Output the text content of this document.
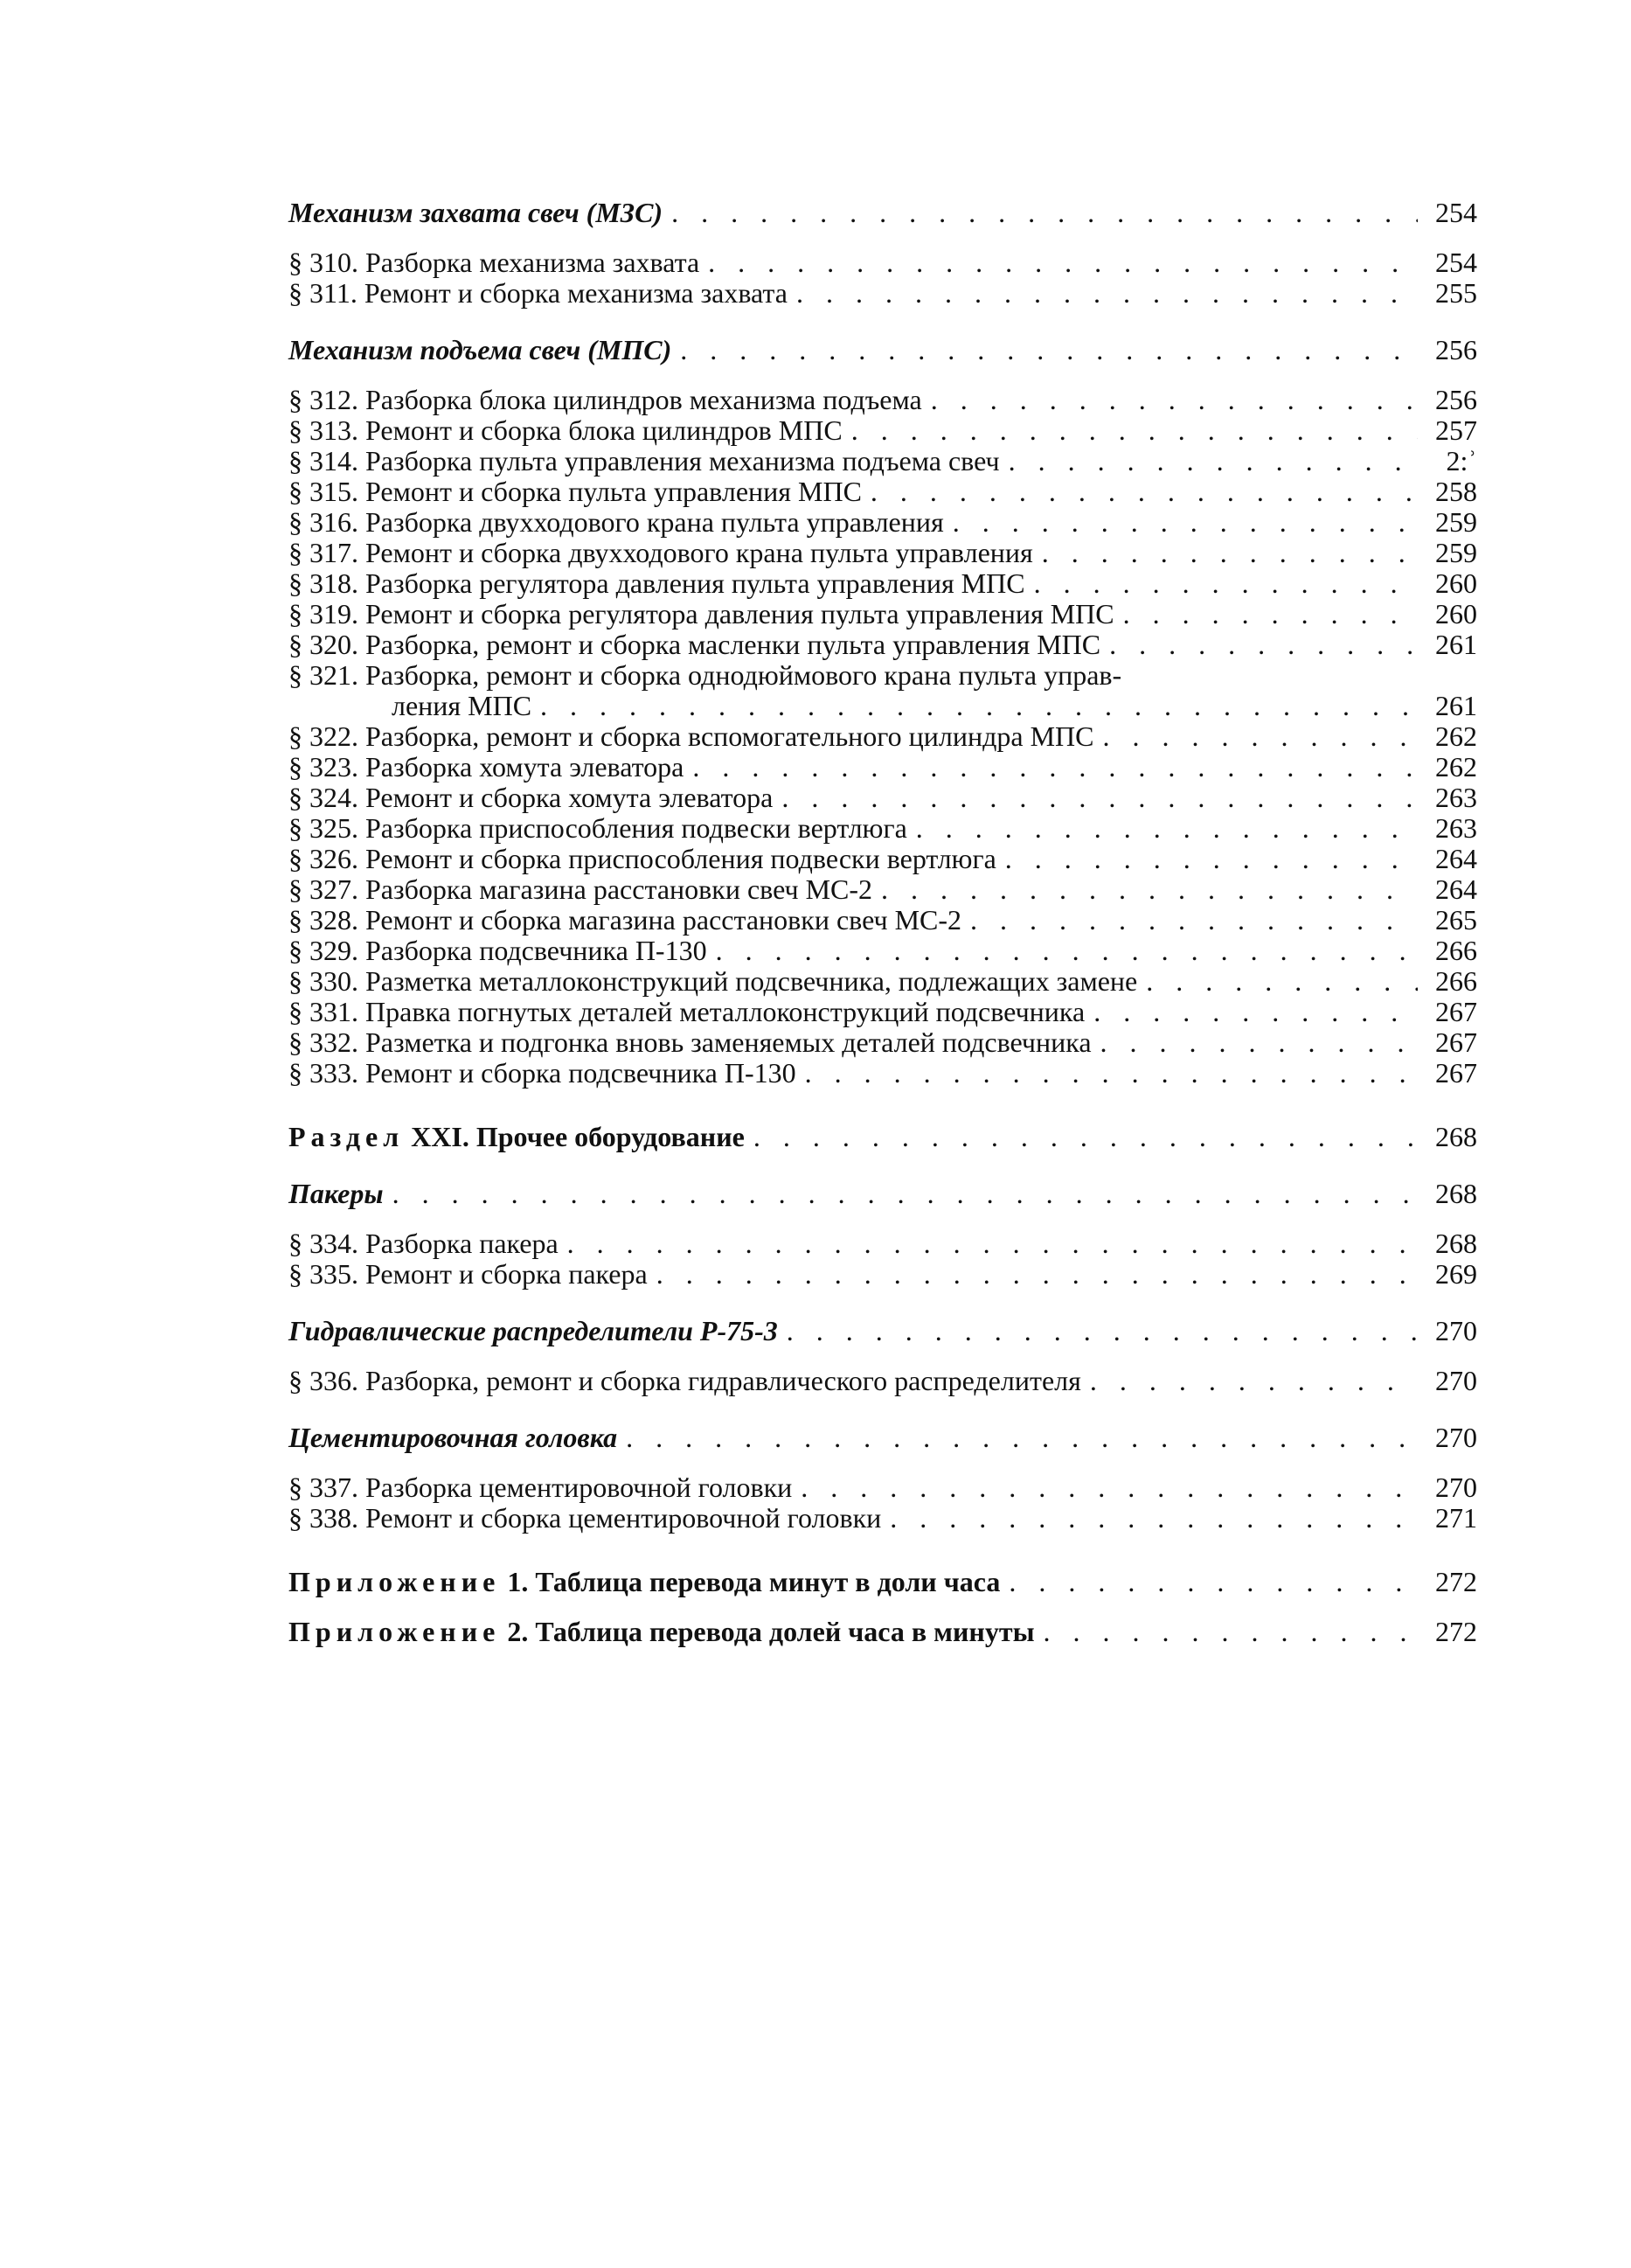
Механизм захвата свеч (МЗС) . . .	254
§ 310. Разборка механизма захвата . . .	254
§ 311. Ремонт и сборка механизма захвата . . .	255
Механизм подъема свеч (МПС) . . .	256
§ 312. Разборка блока цилиндров механизма подъема . . .	256
§ 313. Ремонт и сборка блока цилиндров МПС . . .	257
§ 314. Разборка пульта управления механизма подъема свеч . . .	2:ʾ
§ 315. Ремонт и сборка пульта управления МПС . . .	258
§ 316. Разборка двухходового крана пульта управления . . .	259
§ 317. Ремонт и сборка двухходового крана пульта управления . . .	259
§ 318. Разборка регулятора давления пульта управления МПС . . .	260
§ 319. Ремонт и сборка регулятора давления пульта управления МПС . . .	260
§ 320. Разборка, ремонт и сборка масленки пульта управления МПС . . .	261
§ 321. Разборка, ремонт и сборка однодюймового крана пульта управ-
ления МПС . . .	261
§ 322. Разборка, ремонт и сборка вспомогательного цилиндра МПС . . .	262
§ 323. Разборка хомута элеватора . . .	262
§ 324. Ремонт и сборка хомута элеватора . . .	263
§ 325. Разборка приспособления подвески вертлюга . . .	263
§ 326. Ремонт и сборка приспособления подвески вертлюга . . .	264
§ 327. Разборка магазина расстановки свеч МС-2 . . .	264
§ 328. Ремонт и сборка магазина расстановки свеч МС-2 . . .	265
§ 329. Разборка подсвечника П-130 . . .	266
§ 330. Разметка металлоконструкций подсвечника, подлежащих замене . . .	266
§ 331. Правка погнутых деталей металлоконструкций подсвечника . . .	267
§ 332. Разметка и подгонка вновь заменяемых деталей подсвечника . . .	267
§ 333. Ремонт и сборка подсвечника П-130 . . .	267
Раздел XXI. Прочее оборудование . . .	268
Пакеры . . .	268
§ 334. Разборка пакера . . .	268
§ 335. Ремонт и сборка пакера . . .	269
Гидравлические распределители Р-75-3 . . .	270
§ 336. Разборка, ремонт и сборка гидравлического распределителя . . .	270
Цементировочная головка . . .	270
§ 337. Разборка цементировочной головки . . .	270
§ 338. Ремонт и сборка цементировочной головки . . .	271
Приложение 1. Таблица перевода минут в доли часа . . .	272
Приложение 2. Таблица перевода долей часа в минуты . . .	272
